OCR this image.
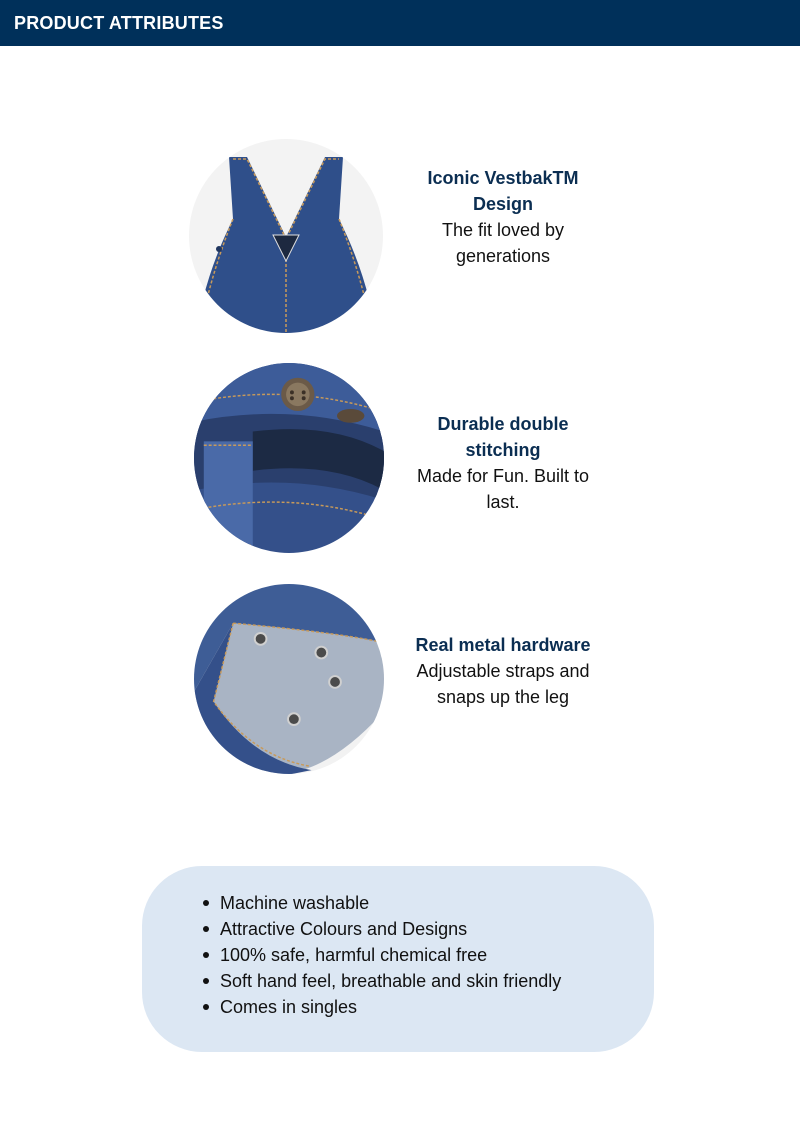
PRODUCT ATTRIBUTES
Iconic VestbakTM Design
The fit loved by generations
Durable double stitching
Made for Fun. Built to last.
Real metal hardware
Adjustable straps and snaps up the leg
Machine washable
Attractive Colours and Designs
100% safe, harmful chemical free
Soft hand feel, breathable and skin friendly
Comes in singles
